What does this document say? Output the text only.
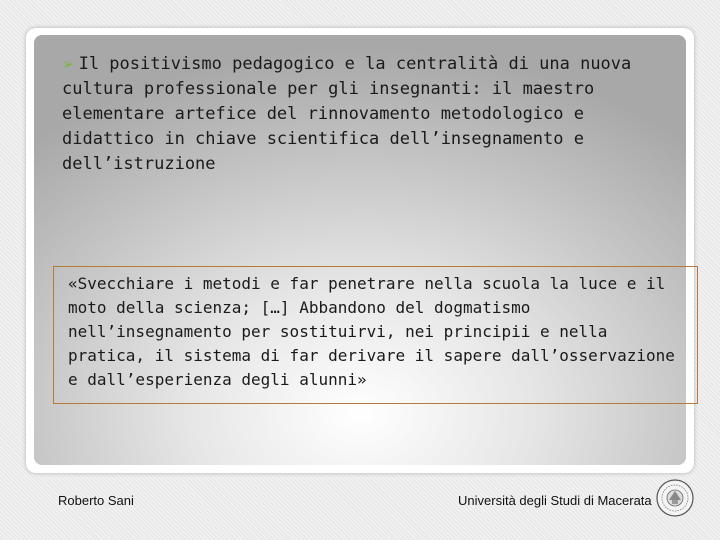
➢ Il positivismo pedagogico e la centralità di una nuova cultura professionale per gli insegnanti: il maestro elementare artefice del rinnovamento metodologico e didattico in chiave scientifica dell’insegnamento e dell’istruzione
«Svecchiare i metodi e far penetrare nella scuola la luce e il moto della scienza; […] Abbandono del dogmatismo nell’insegnamento per sostituirvi, nei principii e nella pratica, il sistema di far derivare il sapere dall’osservazione e dall’esperienza degli alunni»
Roberto Sani	Università degli Studi di Macerata
